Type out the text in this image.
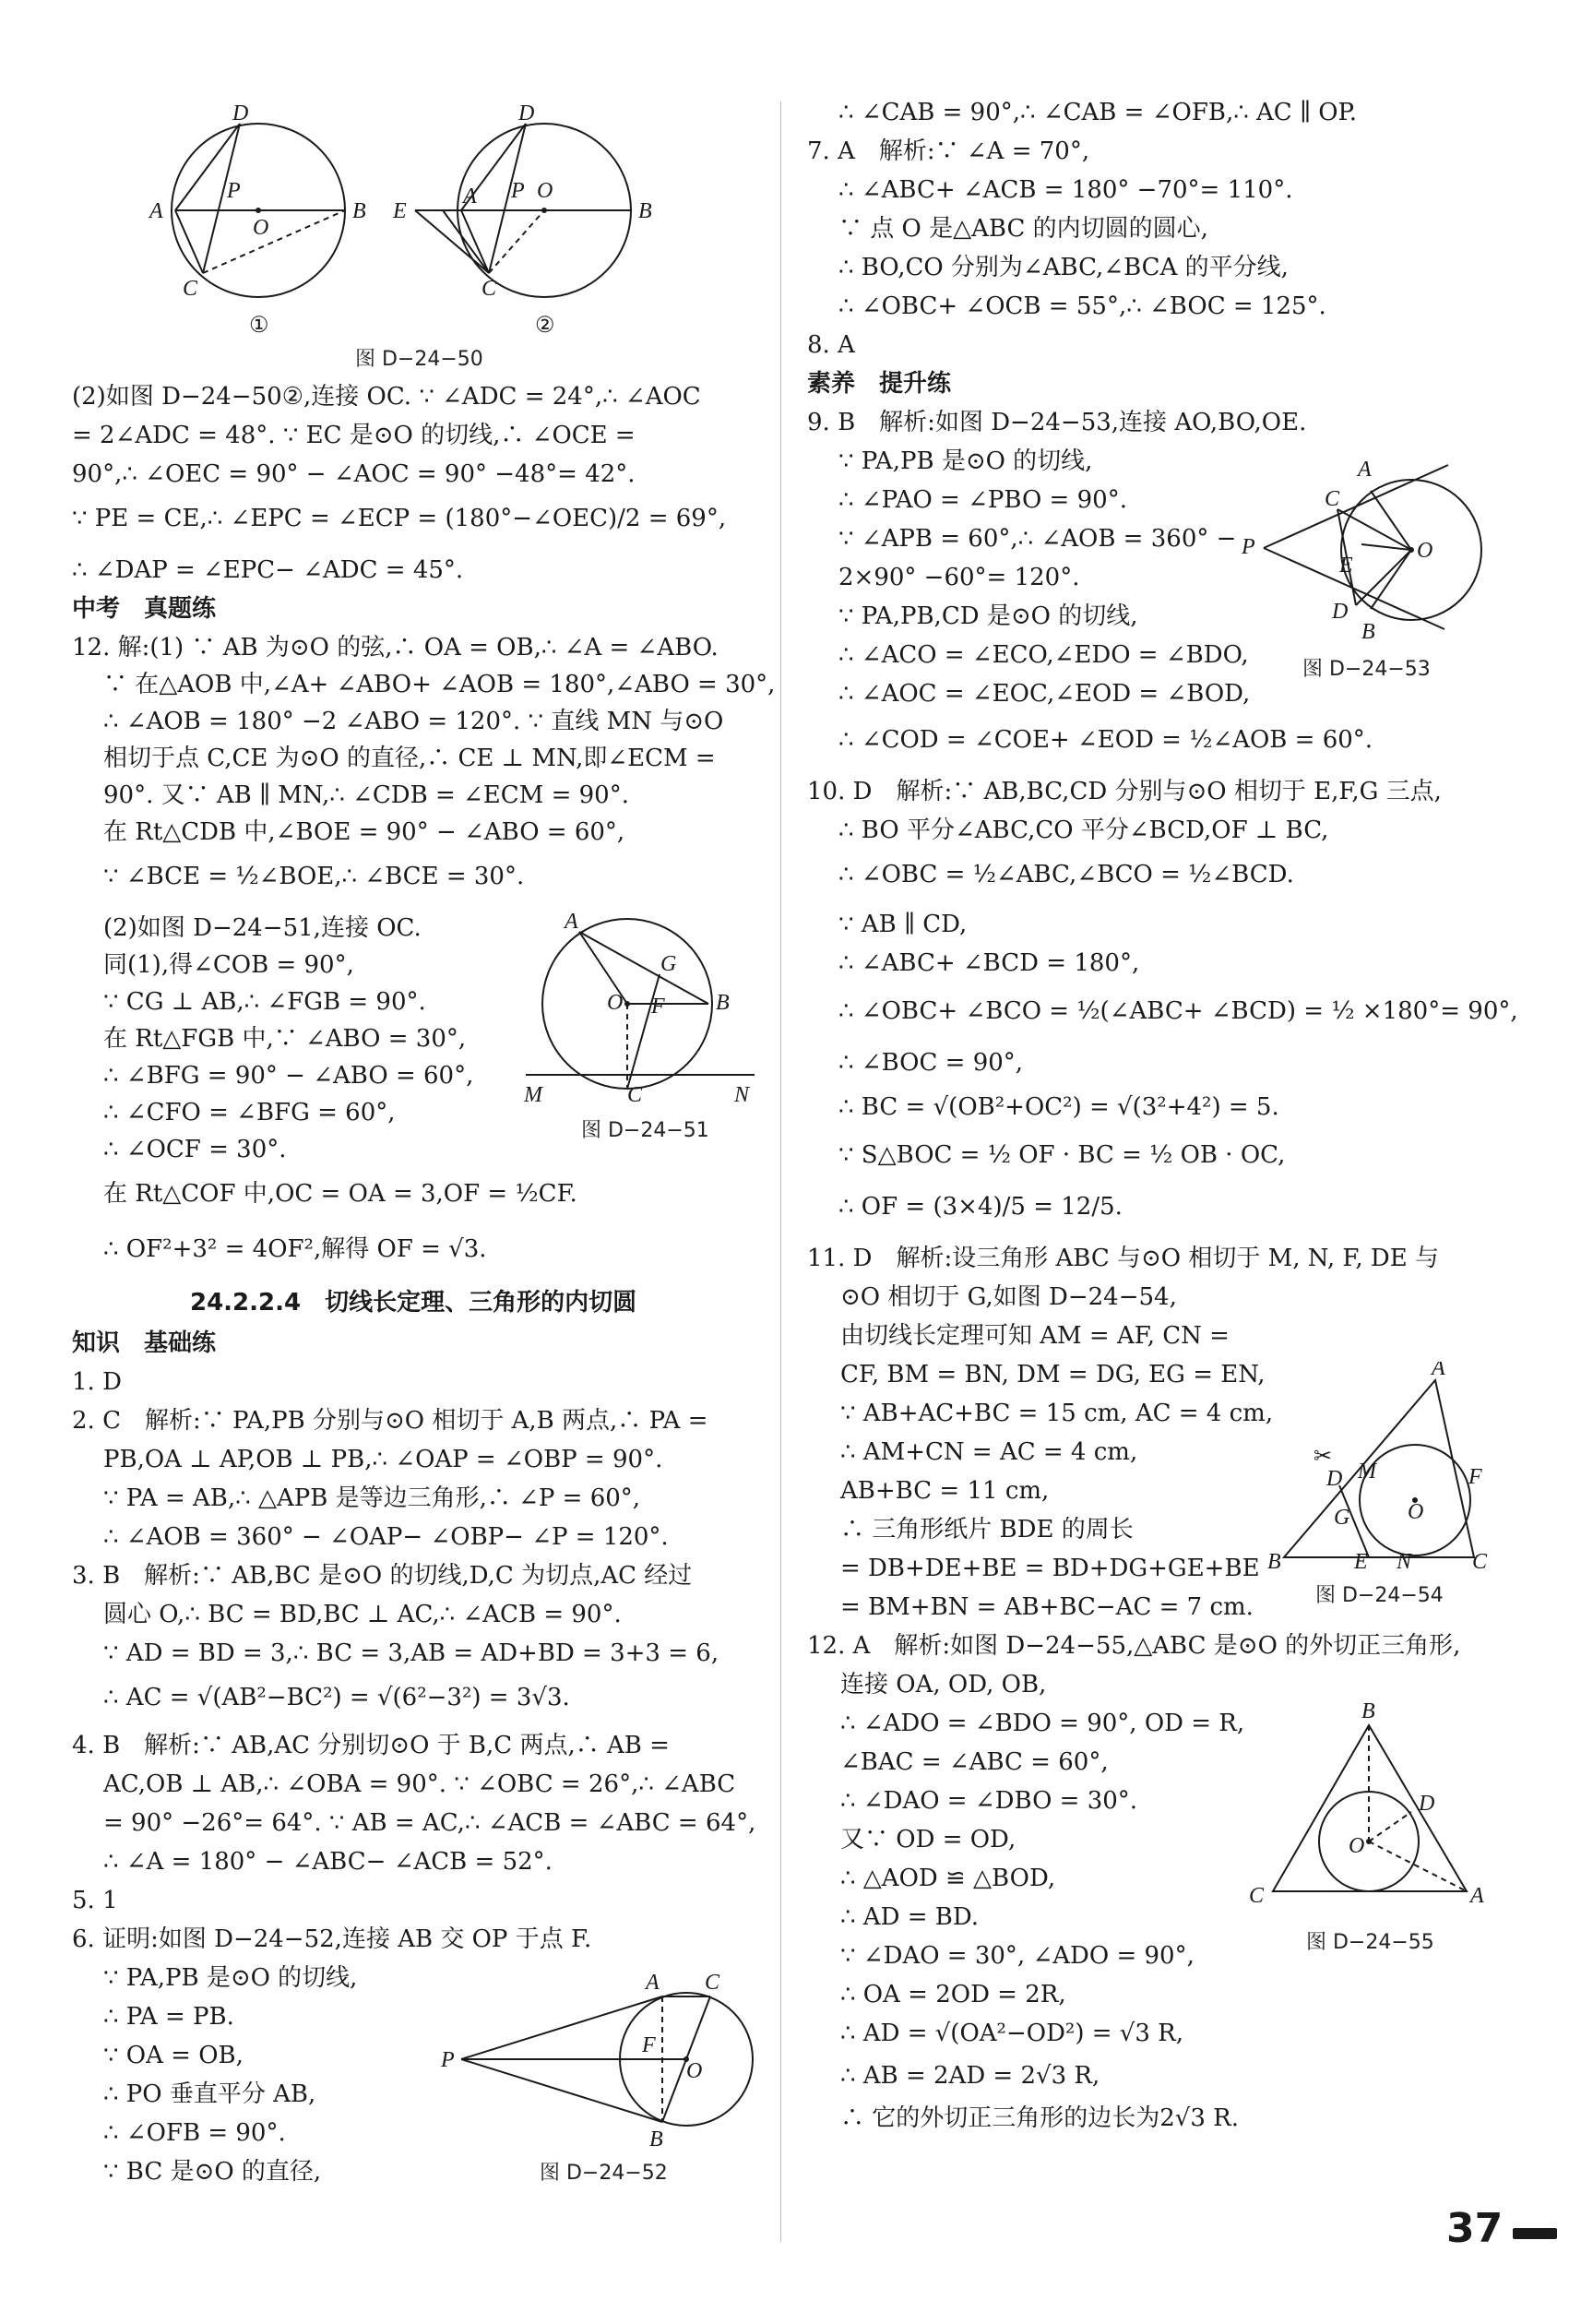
(2)如图 D−24−50②,连接 OC. ∵ ∠ADC = 24°,∴ ∠AOC
= 2∠ADC = 48°. ∵ EC 是⊙O 的切线,∴ ∠OCE =
90°,∴ ∠OEC = 90° − ∠AOC = 90° −48°= 42°.
∵ PE = CE,∴ ∠EPC = ∠ECP = (180°−∠OEC)/2 = 69°,
∴ ∠DAP = ∠EPC− ∠ADC = 45°.
中考　真题练
12. 解:(1) ∵ AB 为⊙O 的弦,∴ OA = OB,∴ ∠A = ∠ABO.
∵ 在△AOB 中,∠A+ ∠ABO+ ∠AOB = 180°,∠ABO = 30°,
∴ ∠AOB = 180° −2 ∠ABO = 120°. ∵ 直线 MN 与⊙O
相切于点 C,CE 为⊙O 的直径,∴ CE ⊥ MN,即∠ECM =
90°. 又∵ AB ∥ MN,∴ ∠CDB = ∠ECM = 90°.
在 Rt△CDB 中,∠BOE = 90° − ∠ABO = 60°,
∵ ∠BCE = ½∠BOE,∴ ∠BCE = 30°.
(2)如图 D−24−51,连接 OC.
同(1),得∠COB = 90°,
∵ CG ⊥ AB,∴ ∠FGB = 90°.
在 Rt△FGB 中,∵ ∠ABO = 30°,
∴ ∠BFG = 90° − ∠ABO = 60°,
∴ ∠CFO = ∠BFG = 60°,
∴ ∠OCF = 30°.
在 Rt△COF 中,OC = OA = 3,OF = ½CF.
∴ OF²+3² = 4OF²,解得 OF = √3.
24.2.2.4　切线长定理、三角形的内切圆
知识　基础练
1. D
2. C　解析:∵ PA,PB 分别与⊙O 相切于 A,B 两点,∴ PA =
PB,OA ⊥ AP,OB ⊥ PB,∴ ∠OAP = ∠OBP = 90°.
∵ PA = AB,∴ △APB 是等边三角形,∴ ∠P = 60°,
∴ ∠AOB = 360° − ∠OAP− ∠OBP− ∠P = 120°.
3. B　解析:∵ AB,BC 是⊙O 的切线,D,C 为切点,AC 经过
圆心 O,∴ BC = BD,BC ⊥ AC,∴ ∠ACB = 90°.
∵ AD = BD = 3,∴ BC = 3,AB = AD+BD = 3+3 = 6,
∴ AC = √(AB²−BC²) = √(6²−3²) = 3√3.
4. B　解析:∵ AB,AC 分别切⊙O 于 B,C 两点,∴ AB =
AC,OB ⊥ AB,∴ ∠OBA = 90°. ∵ ∠OBC = 26°,∴ ∠ABC
= 90° −26°= 64°. ∵ AB = AC,∴ ∠ACB = ∠ABC = 64°,
∴ ∠A = 180° − ∠ABC− ∠ACB = 52°.
5. 1
6. 证明:如图 D−24−52,连接 AB 交 OP 于点 F.
∵ PA,PB 是⊙O 的切线,
∴ PA = PB.
∵ OA = OB,
∴ PO 垂直平分 AB,
∴ ∠OFB = 90°.
∵ BC 是⊙O 的直径,
D
A
P
O
B
C
D
A P O
B
C
E
①	②
图 D−24−50
A
G
O F B
M	C	N
图 D−24−51
A C
P
F
O
B
图 D−24−52
∴ ∠CAB = 90°,∴ ∠CAB = ∠OFB,∴ AC ∥ OP.
7. A　解析:∵ ∠A = 70°,
∴ ∠ABC+ ∠ACB = 180° −70°= 110°.
∵ 点 O 是△ABC 的内切圆的圆心,
∴ BO,CO 分别为∠ABC,∠BCA 的平分线,
∴ ∠OBC+ ∠OCB = 55°,∴ ∠BOC = 125°.
8. A
素养　提升练
9. B　解析:如图 D−24−53,连接 AO,BO,OE.
∵ PA,PB 是⊙O 的切线,
∴ ∠PAO = ∠PBO = 90°.
∵ ∠APB = 60°,∴ ∠AOB = 360° −
2×90° −60°= 120°.
∵ PA,PB,CD 是⊙O 的切线,
∴ ∠ACO = ∠ECO,∠EDO = ∠BDO,
∴ ∠AOC = ∠EOC,∠EOD = ∠BOD,
∴ ∠COD = ∠COE+ ∠EOD = ½∠AOB = 60°.
10. D　解析:∵ AB,BC,CD 分别与⊙O 相切于 E,F,G 三点,
∴ BO 平分∠ABC,CO 平分∠BCD,OF ⊥ BC,
∴ ∠OBC = ½∠ABC,∠BCO = ½∠BCD.
∵ AB ∥ CD,
∴ ∠ABC+ ∠BCD = 180°,
∴ ∠OBC+ ∠BCO = ½(∠ABC+ ∠BCD) = ½ ×180°= 90°,
∴ ∠BOC = 90°,
∴ BC = √(OB²+OC²) = √(3²+4²) = 5.
∵ S△BOC = ½ OF · BC = ½ OB · OC,
∴ OF = (3×4)/5 = 12/5.
11. D　解析:设三角形 ABC 与⊙O 相切于 M, N, F, DE 与
⊙O 相切于 G,如图 D−24−54,
由切线长定理可知 AM = AF, CN =
CF, BM = BN, DM = DG, EG = EN,
∵ AB+AC+BC = 15 cm, AC = 4 cm,
∴ AM+CN = AC = 4 cm,
AB+BC = 11 cm,
∴ 三角形纸片 BDE 的周长
= DB+DE+BE = BD+DG+GE+BE
= BM+BN = AB+BC−AC = 7 cm.
12. A　解析:如图 D−24−55,△ABC 是⊙O 的外切正三角形,
连接 OA, OD, OB,
∴ ∠ADO = ∠BDO = 90°, OD = R,
∠BAC = ∠ABC = 60°,
∴ ∠DAO = ∠DBO = 30°.
又∵ OD = OD,
∴ △AOD ≌ △BOD,
∴ AD = BD.
∵ ∠DAO = 30°, ∠ADO = 90°,
∴ OA = 2OD = 2R,
∴ AD = √(OA²−OD²) = √3 R,
∴ AB = 2AD = 2√3 R,
∴ 它的外切正三角形的边长为2√3 R.
A
C
P
E
O
D
B
图 D−24−53
A
M
D	F
G	O
B	E N	C
✂
图 D−24−54
B
D
O
C	A
图 D−24−55
37
